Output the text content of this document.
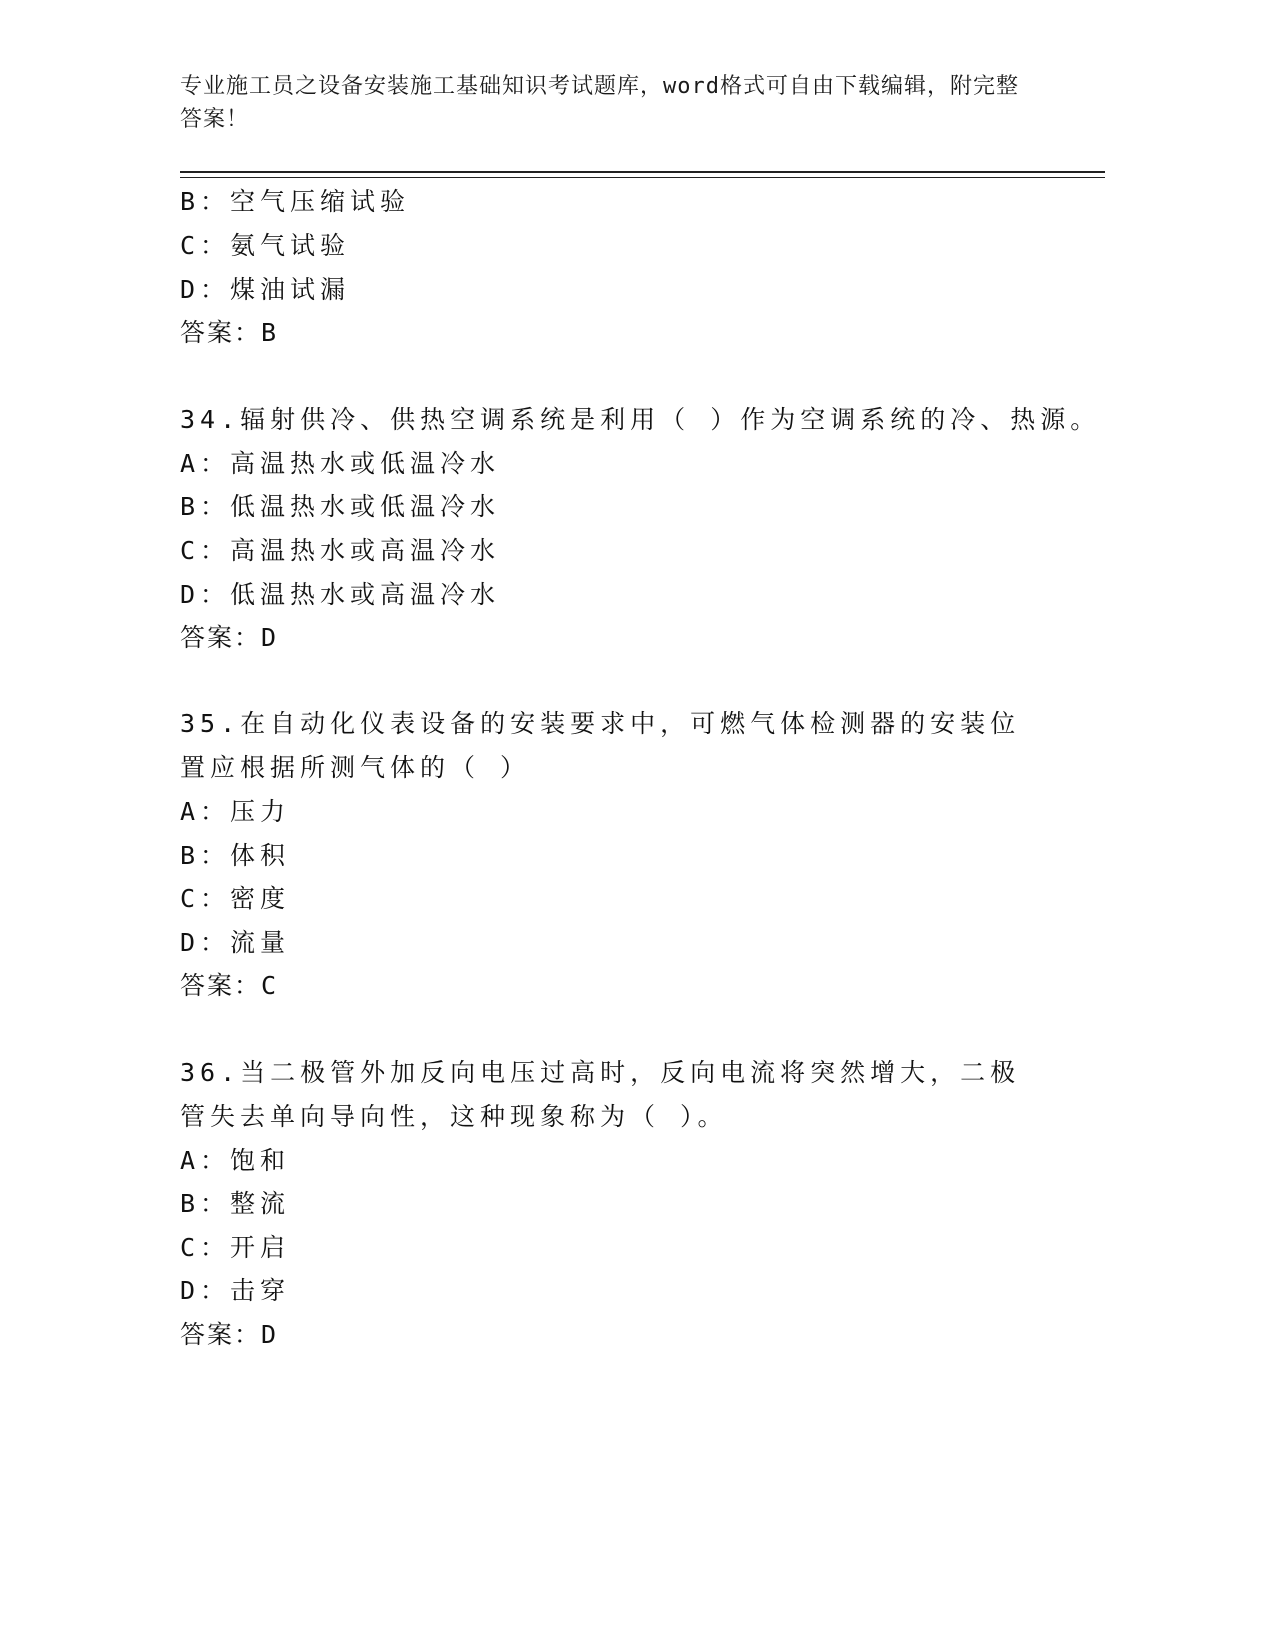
专业施工员之设备安装施工基础知识考试题库，word格式可自由下载编辑，附完整答案！
B：空气压缩试验
C：氨气试验
D：煤油试漏
答案：B
34.辐射供冷、供热空调系统是利用（ ）作为空调系统的冷、热源。
A：高温热水或低温冷水
B：低温热水或低温冷水
C：高温热水或高温冷水
D：低温热水或高温冷水
答案：D
35.在自动化仪表设备的安装要求中，可燃气体检测器的安装位置应根据所测气体的（ ）
A：压力
B：体积
C：密度
D：流量
答案：C
36.当二极管外加反向电压过高时，反向电流将突然增大，二极管失去单向导向性，这种现象称为（ ）。
A：饱和
B：整流
C：开启
D：击穿
答案：D
